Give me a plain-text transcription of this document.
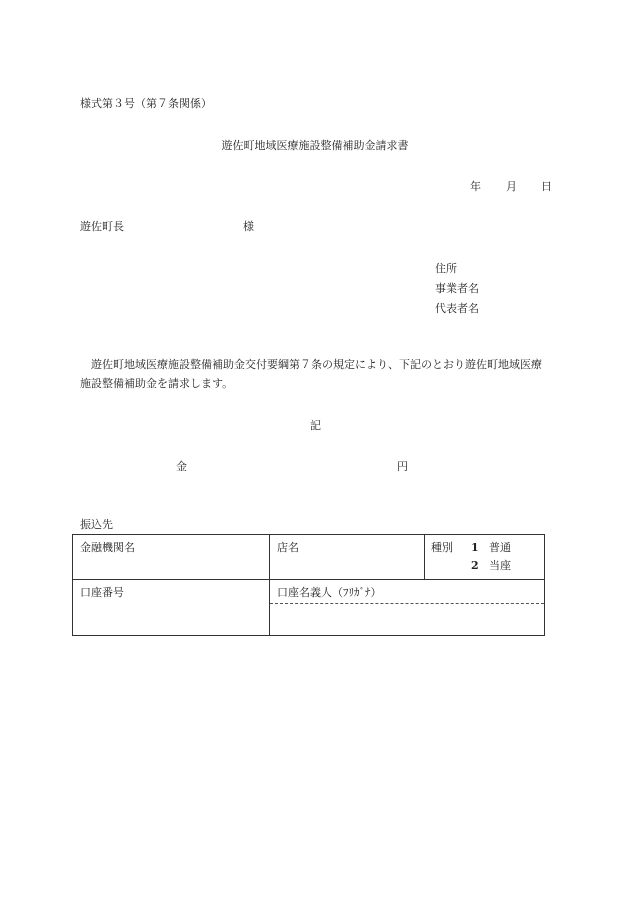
様式第３号（第７条関係）
遊佐町地域医療施設整備補助金請求書
年 月 日
遊佐町長	様
住所
事業者名
代表者名
遊佐町地域医療施設整備補助金交付要綱第７条の規定により、下記のとおり遊佐町地域医療施設整備補助金を請求します。
記
金	円
振込先
金融機関名	店名	種別 1 普通
2 当座

口座番号	口座名義人（ﾌﾘｶﾞﾅ）	
